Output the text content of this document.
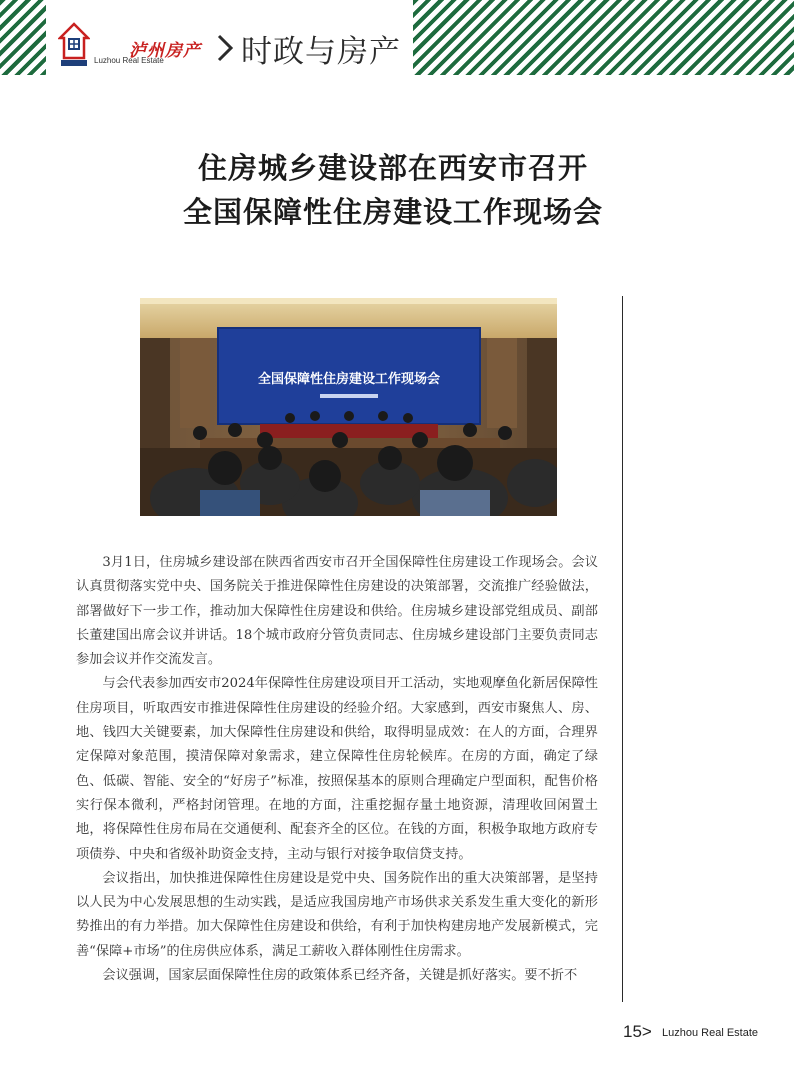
泸州房产
Luzhou Real Estate 时政与房产
住房城乡建设部在西安市召开
全国保障性住房建设工作现场会
全国保障性住房建设工作现场会

3月1日，住房城乡建设部在陕西省西安市召开全国保障性住房建设工作现场会。会议认真贯彻落实党中央、国务院关于推进保障性住房建设的决策部署，交流推广经验做法，部署做好下一步工作，推动加大保障性住房建设和供给。住房城乡建设部党组成员、副部长董建国出席会议并讲话。18个城市政府分管负责同志、住房城乡建设部门主要负责同志参加会议并作交流发言。

与会代表参加西安市2024年保障性住房建设项目开工活动，实地观摩鱼化新居保障性住房项目，听取西安市推进保障性住房建设的经验介绍。大家感到，西安市聚焦人、房、地、钱四大关键要素，加大保障性住房建设和供给，取得明显成效：在人的方面，合理界定保障对象范围，摸清保障对象需求，建立保障性住房轮候库。在房的方面，确定了绿色、低碳、智能、安全的“好房子”标准，按照保基本的原则合理确定户型面积，配售价格实行保本微利，严格封闭管理。在地的方面，注重挖掘存量土地资源，清理收回闲置土地，将保障性住房布局在交通便利、配套齐全的区位。在钱的方面，积极争取地方政府专项债券、中央和省级补助资金支持，主动与银行对接争取信贷支持。

会议指出，加快推进保障性住房建设是党中央、国务院作出的重大决策部署，是坚持以人民为中心发展思想的生动实践，是适应我国房地产市场供求关系发生重大变化的新形势推出的有力举措。加大保障性住房建设和供给，有利于加快构建房地产发展新模式，完善“保障+市场”的住房供应体系，满足工薪收入群体刚性住房需求。

会议强调，国家层面保障性住房的政策体系已经齐备，关键是抓好落实。要不折不

15> Luzhou Real Estate
